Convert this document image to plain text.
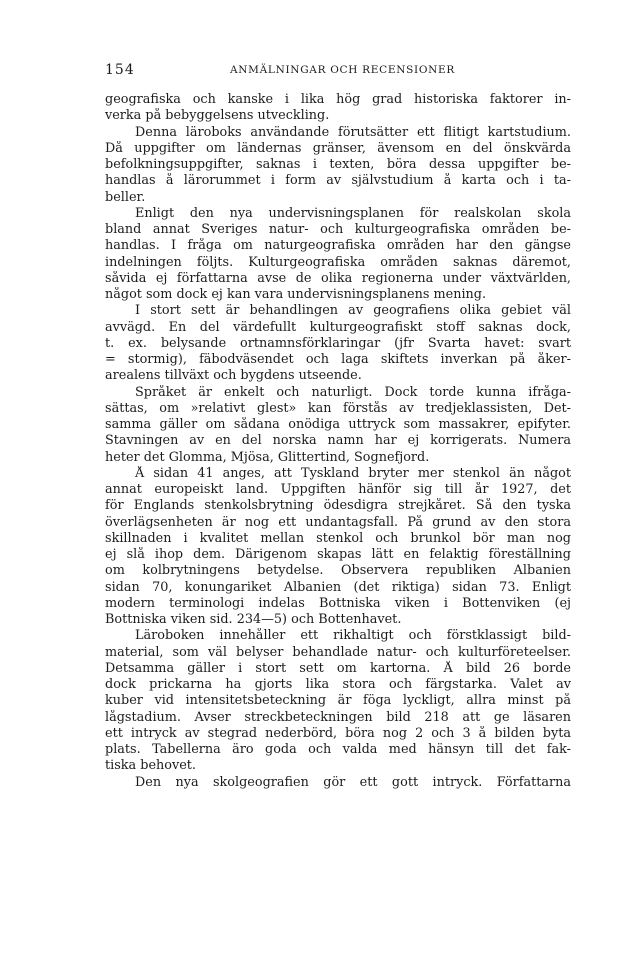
154	ANMÄLNINGAR OCH RECENSIONER
geografiska och kanske i lika hög grad historiska faktorer in-
verka på bebyggelsens utveckling.
Denna läroboks användande förutsätter ett flitigt kartstudium.
Då uppgifter om ländernas gränser, ävensom en del önskvärda
befolkningsuppgifter, saknas i texten, böra dessa uppgifter be-
handlas å lärorummet i form av självstudium å karta och i ta-
beller.
Enligt den nya undervisningsplanen för realskolan skola
bland annat Sveriges natur- och kulturgeografiska områden be-
handlas. I fråga om naturgeografiska områden har den gängse
indelningen följts. Kulturgeografiska områden saknas däremot,
såvida ej författarna avse de olika regionerna under växtvärlden,
något som dock ej kan vara undervisningsplanens mening.
I stort sett är behandlingen av geografiens olika gebiet väl
avvägd. En del värdefullt kulturgeografiskt stoff saknas dock,
t. ex. belysande ortnamnsförklaringar (jfr Svarta havet: svart
= stormig), fäbodväsendet och laga skiftets inverkan på åker-
arealens tillväxt och bygdens utseende.
Språket är enkelt och naturligt. Dock torde kunna ifråga-
sättas, om »relativt glest» kan förstås av tredjeklassisten, Det-
samma gäller om sådana onödiga uttryck som massakrer, epifyter.
Stavningen av en del norska namn har ej korrigerats. Numera
heter det Glomma, Mjösa, Glittertind, Sognefjord.
Å sidan 41 anges, att Tyskland bryter mer stenkol än något
annat europeiskt land. Uppgiften hänför sig till år 1927, det
för Englands stenkolsbrytning ödesdigra strejkåret. Så den tyska
överlägsenheten är nog ett undantagsfall. På grund av den stora
skillnaden i kvalitet mellan stenkol och brunkol bör man nog
ej slå ihop dem. Därigenom skapas lätt en felaktig föreställning
om kolbrytningens betydelse. Observera republiken Albanien
sidan 70, konungariket Albanien (det riktiga) sidan 73. Enligt
modern terminologi indelas Bottniska viken i Bottenviken (ej
Bottniska viken sid. 234—5) och Bottenhavet.
Läroboken innehåller ett rikhaltigt och förstklassigt bild-
material, som väl belyser behandlade natur- och kulturföreteelser.
Detsamma gäller i stort sett om kartorna. Å bild 26 borde
dock prickarna ha gjorts lika stora och färgstarka. Valet av
kuber vid intensitetsbeteckning är föga lyckligt, allra minst på
lågstadium. Avser streckbeteckningen bild 218 att ge läsaren
ett intryck av stegrad nederbörd, böra nog 2 och 3 å bilden byta
plats. Tabellerna äro goda och valda med hänsyn till det fak-
tiska behovet.
Den nya skolgeografien gör ett gott intryck. Författarna
